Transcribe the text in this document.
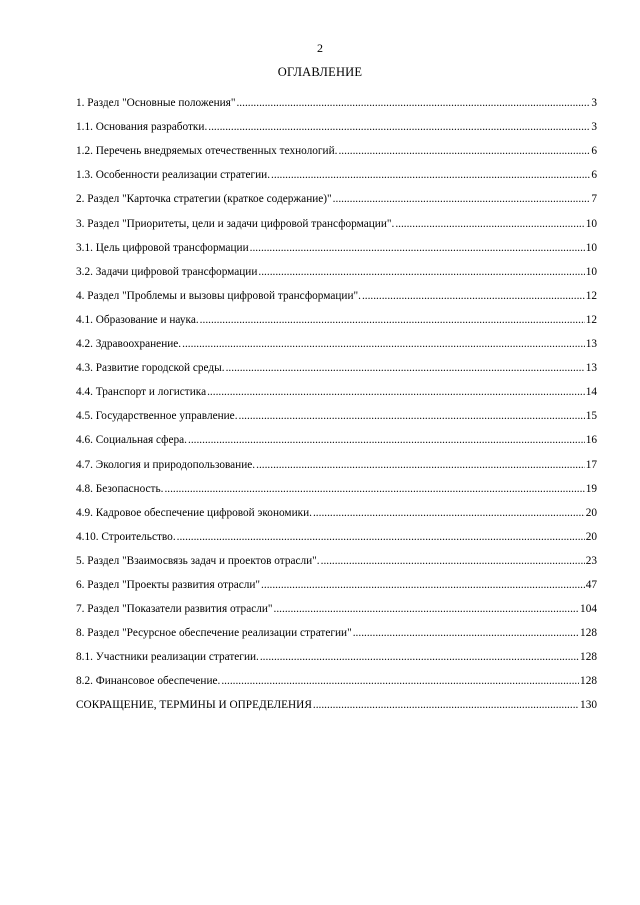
2
ОГЛАВЛЕНИЕ
1. Раздел "Основные положения" .....	3
1.1. Основания разработки. .....	3
1.2. Перечень внедряемых отечественных технологий. .....	6
1.3. Особенности реализации стратегии. .....	6
2. Раздел "Карточка стратегии (краткое содержание)" .....	7
3. Раздел "Приоритеты, цели и задачи цифровой трансформации". .....	10
3.1. Цель цифровой трансформации .....	10
3.2. Задачи цифровой трансформации .....	10
4. Раздел "Проблемы и вызовы цифровой трансформации". .....	12
4.1. Образование и наука. .....	12
4.2. Здравоохранение. .....	13
4.3. Развитие городской среды. .....	13
4.4. Транспорт и логистика .....	14
4.5. Государственное управление. .....	15
4.6. Социальная сфера. .....	16
4.7. Экология и природопользование. .....	17
4.8. Безопасность. .....	19
4.9. Кадровое обеспечение цифровой экономики. .....	20
4.10. Строительство. .....	20
5. Раздел "Взаимосвязь задач и проектов отрасли". .....	23
6. Раздел "Проекты развития отрасли" .....	47
7. Раздел "Показатели развития отрасли" .....	104
8. Раздел "Ресурсное обеспечение реализации стратегии" .....	128
8.1. Участники реализации стратегии. .....	128
8.2. Финансовое обеспечение. .....	128
СОКРАЩЕНИЕ, ТЕРМИНЫ И ОПРЕДЕЛЕНИЯ .....	130
